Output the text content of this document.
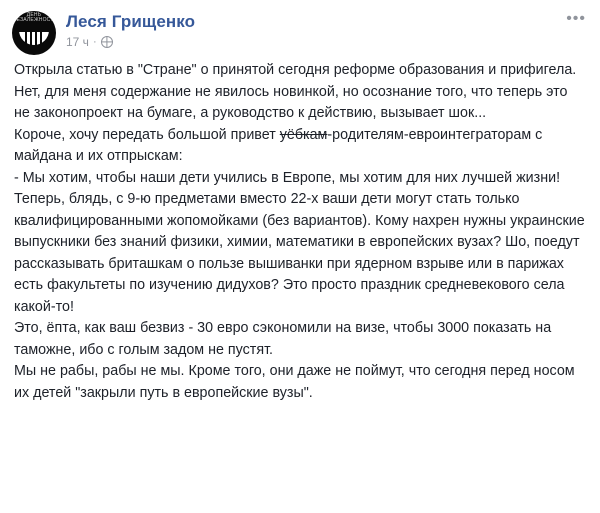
ДЕНЬ НЕЗАЛЕЖНОСТI Леся Грищенко
17 ч ·
•••

Открыла статью в "Стране" о принятой сегодня реформе образования и прифигела. Нет, для меня содержание не явилось новинкой, но осознание того, что теперь это не законопроект на бумаге, а руководство к действию, вызывает шок...

Короче, хочу передать большой привет уёбкам-родителям-евроинтеграторам с майдана и их отпрыскам:

- Мы хотим, чтобы наши дети учились в Европе, мы хотим для них лучшей жизни!

Теперь, блядь, с 9-ю предметами вместо 22-х ваши дети могут стать только квалифицированными жопомойками (без вариантов). Кому нахрен нужны украинские выпускники без знаний физики, химии, математики в европейских вузах? Шо, поедут рассказывать бриташкам о пользе вышиванки при ядерном взрыве или в парижах есть факультеты по изучению дидухов? Это просто праздник средневекового села какой-то!

Это, ёпта, как ваш безвиз - 30 евро сэкономили на визе, чтобы 3000 показать на таможне, ибо с голым задом не пустят.

Мы не рабы, рабы не мы. Кроме того, они даже не поймут, что сегодня перед носом их детей "закрыли путь в европейские вузы".
